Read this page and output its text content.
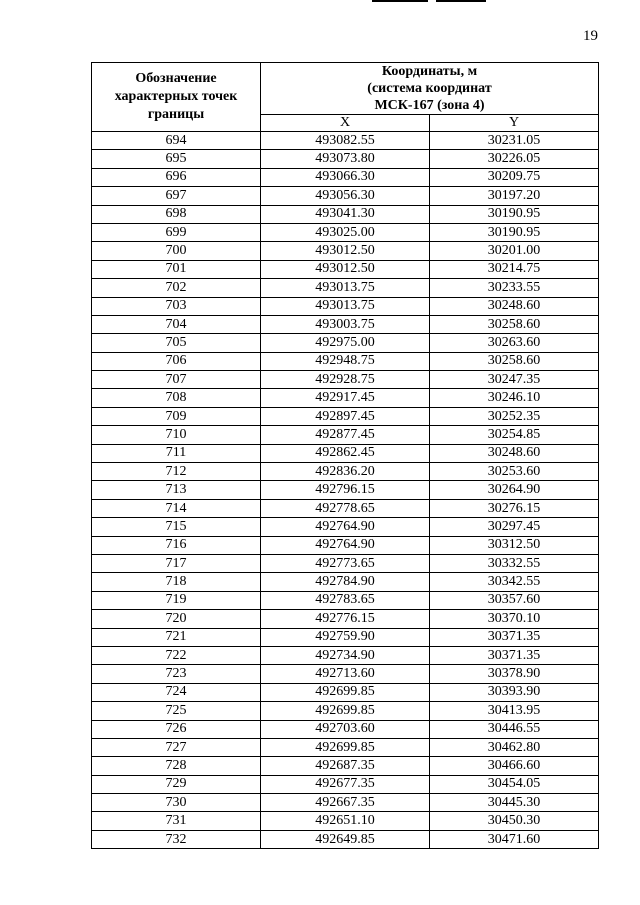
19
Обозначение характерных точек границы	Координаты, м
(система координат
МСК-167 (зона 4)	

	X	Y
694	493082.55	30231.05
695	493073.80	30226.05
696	493066.30	30209.75
697	493056.30	30197.20
698	493041.30	30190.95
699	493025.00	30190.95
700	493012.50	30201.00
701	493012.50	30214.75
702	493013.75	30233.55
703	493013.75	30248.60
704	493003.75	30258.60
705	492975.00	30263.60
706	492948.75	30258.60
707	492928.75	30247.35
708	492917.45	30246.10
709	492897.45	30252.35
710	492877.45	30254.85
711	492862.45	30248.60
712	492836.20	30253.60
713	492796.15	30264.90
714	492778.65	30276.15
715	492764.90	30297.45
716	492764.90	30312.50
717	492773.65	30332.55
718	492784.90	30342.55
719	492783.65	30357.60
720	492776.15	30370.10
721	492759.90	30371.35
722	492734.90	30371.35
723	492713.60	30378.90
724	492699.85	30393.90
725	492699.85	30413.95
726	492703.60	30446.55
727	492699.85	30462.80
728	492687.35	30466.60
729	492677.35	30454.05
730	492667.35	30445.30
731	492651.10	30450.30
732	492649.85	30471.60
